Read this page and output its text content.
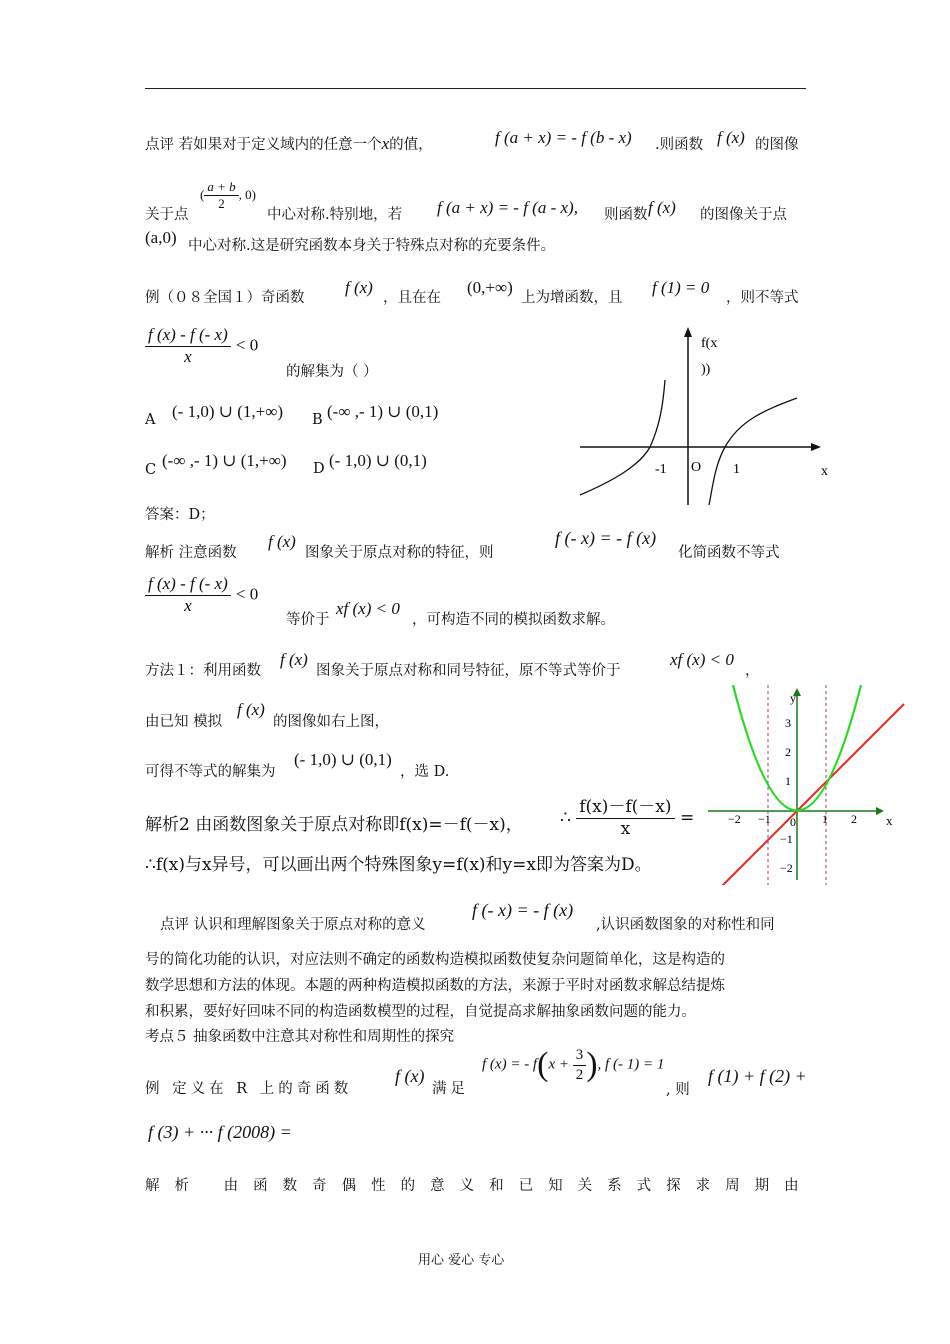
点评 若如果对于定义域内的任意一个x的值，	f (a + x) = - f (b - x) .则函数 f (x) 的图像
关于点
( $\frac{a + b}{2}$ , 0)
中心对称.特别地，若 f (a + x) = - f (a - x), 则函数 f (x) 的图像关于点
(a,0) 中心对称.这是研究函数本身关于特殊点对称的充要条件。
例（０８全国１）奇函数
f (x)
，且在在
(0,+∞)
上为增函数，且
f (1) = 0
，则不等式
$\frac{f (x) - f (- x)}{x} < 0$
的解集为（ ）
A (- 1,0) ∪ (1,+∞) B (-∞ ,- 1) ∪ (0,1)
C (-∞ ,- 1) ∪ (1,+∞) D (- 1,0) ∪ (0,1)
f(x
))
-1 O 1	x
答案：D；
解析 注意函数
f (x)
图象关于原点对称的特征，则
f (- x) = - f (x)
化简函数不等式
$\frac{f (x) - f (- x)}{x} < 0$
等价于
xf (x) < 0
，可构造不同的模拟函数求解。
方法１：利用函数
f (x)
图象关于原点对称和同号特征，原不等式等价于
xf (x) < 0
，
由已知 模拟
f (x)
的图像如右上图，
可得不等式的解集为
(- 1,0) ∪ (0,1)
，选 D.
y
x
3
2
1
−1
−2
−2 −1	1 2
0
解析2 由函数图象关于原点对称即f(x)=－f(－x)， ∴ $\frac{f(x)-f(-x)}{x}$ =
∴f(x)与x异号，可以画出两个特殊图象y=f(x)和y=x即为答案为D。
点评 认识和理解图象关于原点对称的意义
f (- x) = - f (x)
,认识函数图象的对称性和同
号的简化功能的认识，对应法则不确定的函数构造模拟函数使复杂问题简单化，这是构造的
数学思想和方法的体现。本题的两种构造模拟函数的方法，来源于平时对函数求解总结提炼
和积累，要好好回味不同的构造函数模型的过程，自觉提高求解抽象函数问题的能力。
考点５ 抽象函数中注意其对称性和周期性的探究
例 定义在 R 上的奇函数
f (x)
满足
f (x) = - $f(x + \frac{3}{2}$ ), f (- 1) = 1
, 则
f (1) + f (2) +
f (3) + ··· f (2008) =
解析 由函数奇偶性的意义和已知关系式探求周期由
用心 爱心 专心
